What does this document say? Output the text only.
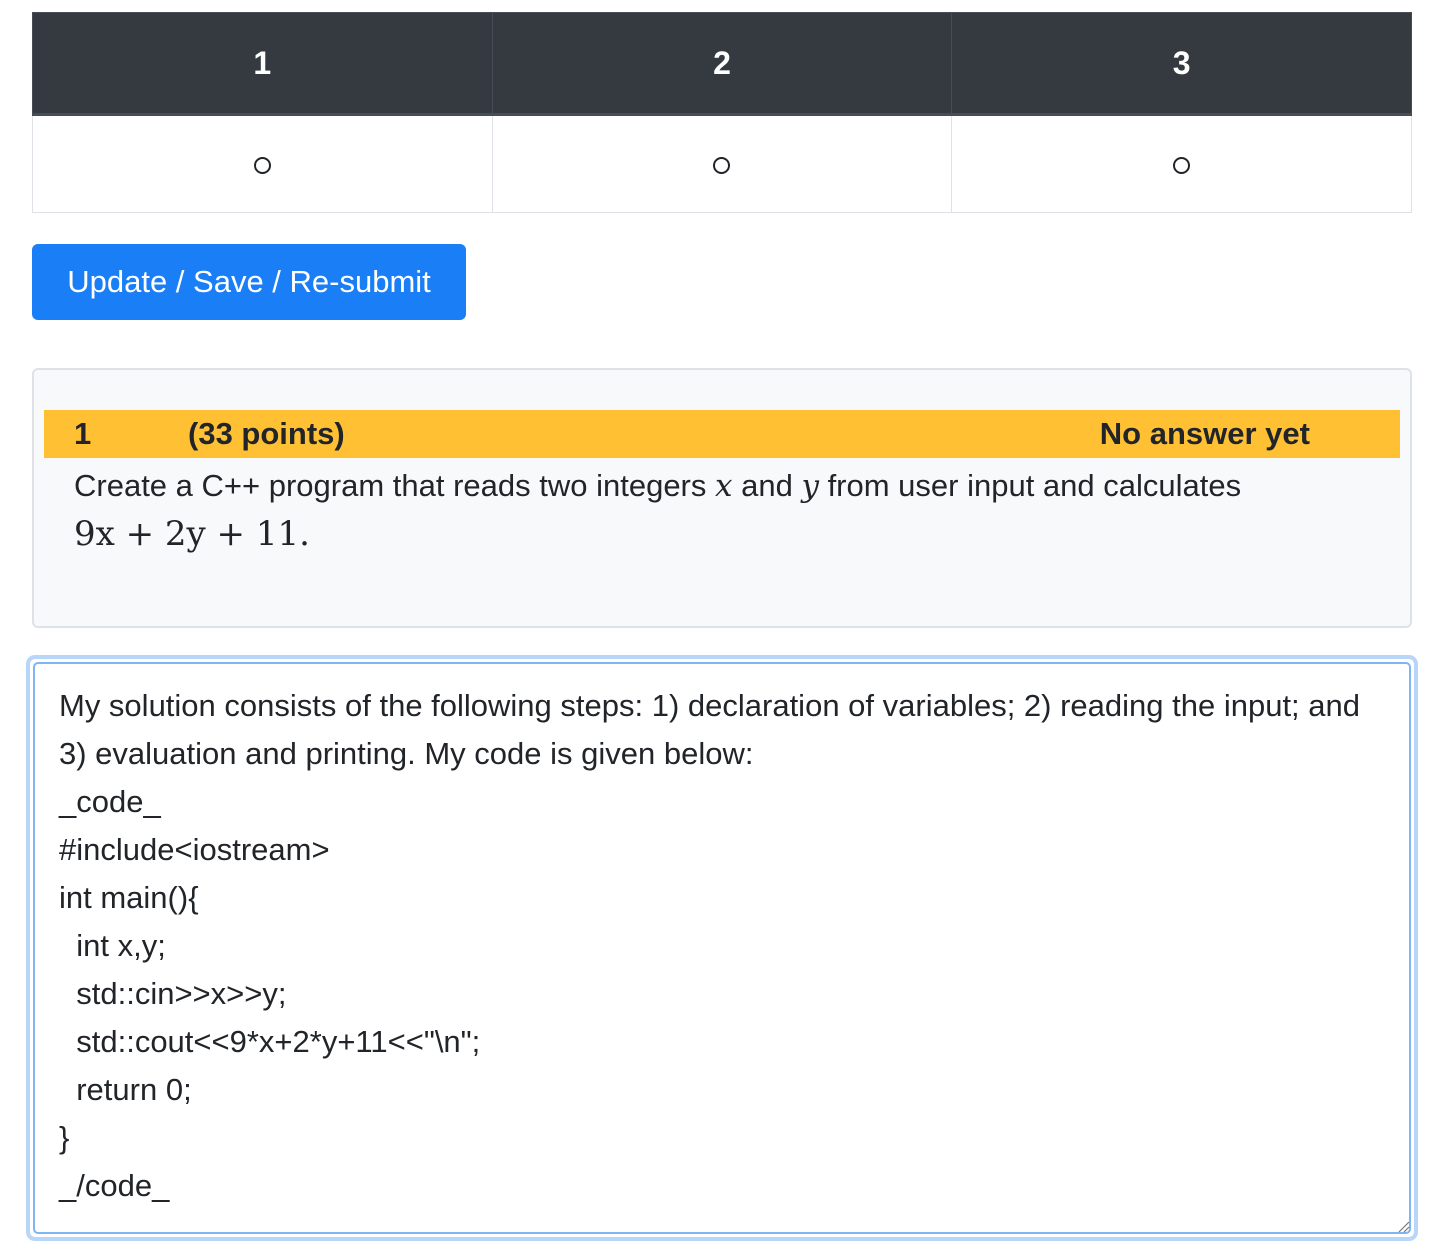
1	2	3

Update / Save / Re-submit
1	(33 points)	No answer yet
Create a C++ program that reads two integers x and y from user input and calculates
9x + 2y + 11.
My solution consists of the following steps: 1) declaration of variables; 2) reading the input; and 3) evaluation and printing. My code is given below:
_code_
#include<iostream>
int main(){
int x,y;
std::cin>>x>>y;
std::cout<<9*x+2*y+11<<"\n";
return 0;
}
_/code_
